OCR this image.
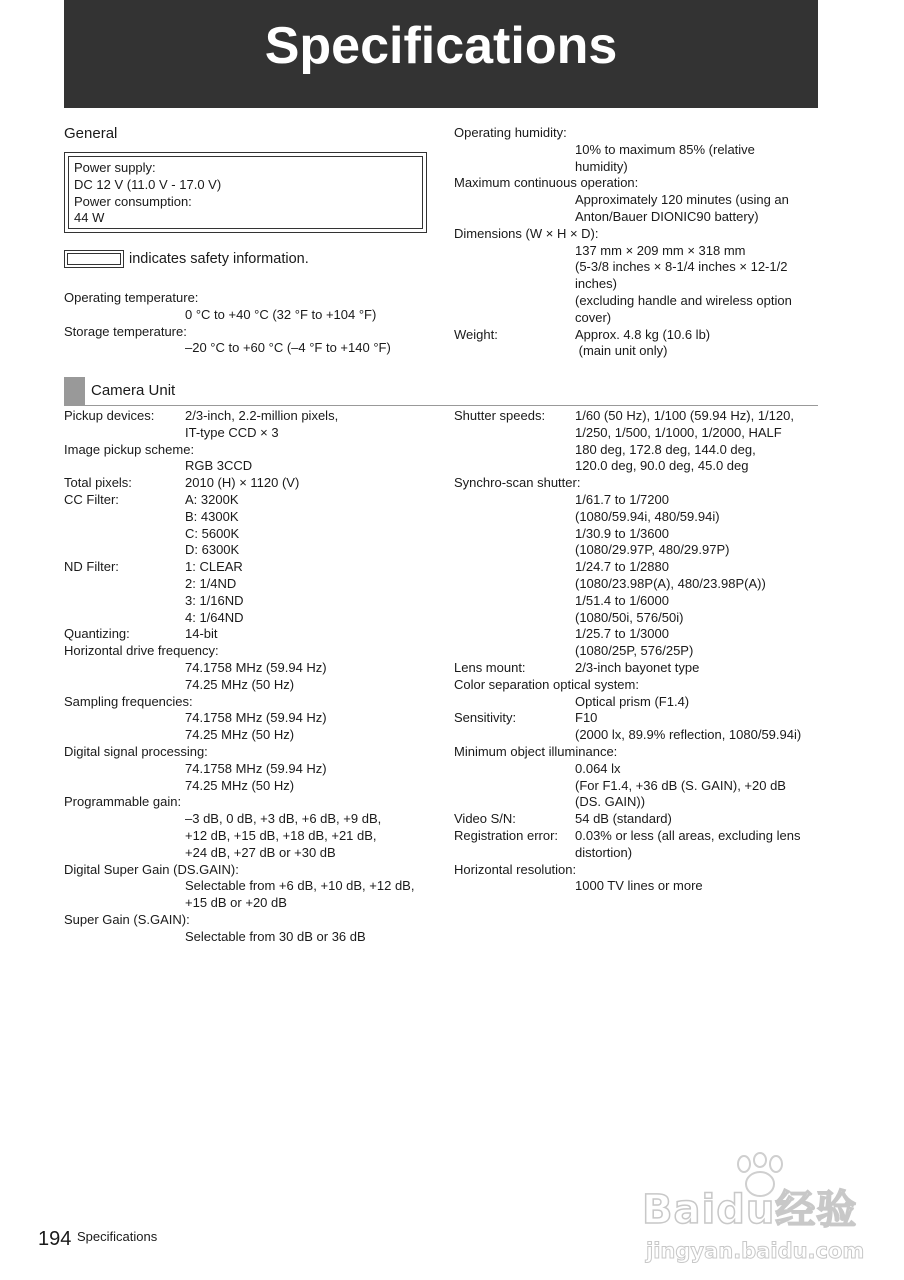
Specifications
General
Power supply:
DC 12 V (11.0 V - 17.0 V)
Power consumption:
44 W
indicates safety information.
Operating temperature:
0 °C to +40 °C (32 °F to +104 °F)
Storage temperature:
–20 °C to +60 °C (–4 °F to +140 °F)
Operating humidity:
10% to maximum 85% (relative
humidity)
Maximum continuous operation:
Approximately 120 minutes (using an
Anton/Bauer DIONIC90 battery)
Dimensions (W × H × D):
137 mm × 209 mm × 318 mm
(5-3/8 inches × 8-1/4 inches × 12-1/2
inches)
(excluding handle and wireless option
cover)
Weight:	Approx. 4.8 kg (10.6 lb)
(main unit only)
Camera Unit
Pickup devices:	2/3-inch, 2.2-million pixels,
IT-type CCD × 3
Image pickup scheme:
RGB 3CCD
Total pixels:	2010 (H) × 1120 (V)
CC Filter:	A: 3200K
B: 4300K
C: 5600K
D: 6300K
ND Filter:	1: CLEAR
2: 1/4ND
3: 1/16ND
4: 1/64ND
Quantizing:	14-bit
Horizontal drive frequency:
74.1758 MHz (59.94 Hz)
74.25 MHz (50 Hz)
Sampling frequencies:
74.1758 MHz (59.94 Hz)
74.25 MHz (50 Hz)
Digital signal processing:
74.1758 MHz (59.94 Hz)
74.25 MHz (50 Hz)
Programmable gain:
–3 dB, 0 dB, +3 dB, +6 dB, +9 dB,
+12 dB, +15 dB, +18 dB, +21 dB,
+24 dB, +27 dB or +30 dB
Digital Super Gain (DS.GAIN):
Selectable from +6 dB, +10 dB, +12 dB,
+15 dB or +20 dB
Super Gain (S.GAIN):
Selectable from 30 dB or 36 dB
Shutter speeds:	1/60 (50 Hz), 1/100 (59.94 Hz), 1/120,
1/250, 1/500, 1/1000, 1/2000, HALF
180 deg, 172.8 deg, 144.0 deg,
120.0 deg, 90.0 deg, 45.0 deg
Synchro-scan shutter:
1/61.7 to 1/7200
(1080/59.94i, 480/59.94i)
1/30.9 to 1/3600
(1080/29.97P, 480/29.97P)
1/24.7 to 1/2880
(1080/23.98P(A), 480/23.98P(A))
1/51.4 to 1/6000
(1080/50i, 576/50i)
1/25.7 to 1/3000
(1080/25P, 576/25P)
Lens mount:	2/3-inch bayonet type
Color separation optical system:
Optical prism (F1.4)
Sensitivity:	F10
(2000 lx, 89.9% reflection, 1080/59.94i)
Minimum object illuminance:
0.064 lx
(For F1.4, +36 dB (S. GAIN), +20 dB
(DS. GAIN))
Video S/N:	54 dB (standard)
Registration error:	0.03% or less (all areas, excluding lens
distortion)
Horizontal resolution:
1000 TV lines or more
194 Specifications
Baidu经验
jingyan.baidu.com
